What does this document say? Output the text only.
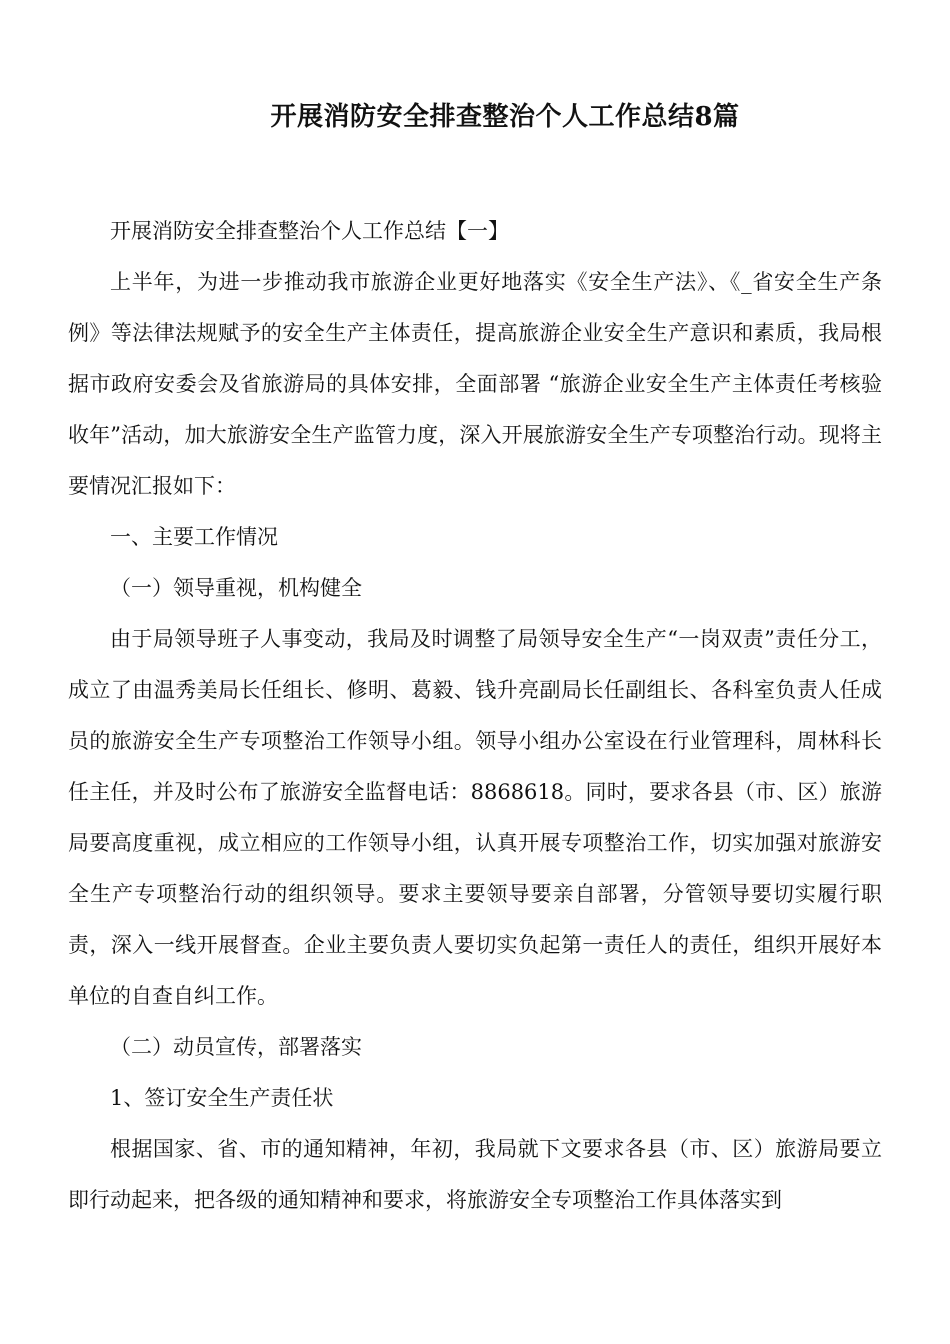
开展消防安全排查整治个人工作总结8篇

开展消防安全排查整治个人工作总结【一】

上半年，为进一步推动我市旅游企业更好地落实《安全生产法》、《_省安全生产条例》等法律法规赋予的安全生产主体责任，提高旅游企业安全生产意识和素质，我局根据市政府安委会及省旅游局的具体安排，全面部署 “旅游企业安全生产主体责任考核验收年”活动，加大旅游安全生产监管力度，深入开展旅游安全生产专项整治行动。现将主要情况汇报如下：

一、主要工作情况

（一）领导重视，机构健全

由于局领导班子人事变动，我局及时调整了局领导安全生产“一岗双责”责任分工，成立了由温秀美局长任组长、修明、葛毅、钱升亮副局长任副组长、各科室负责人任成员的旅游安全生产专项整治工作领导小组。领导小组办公室设在行业管理科，周林科长任主任，并及时公布了旅游安全监督电话：8868618。同时，要求各县（市、区）旅游局要高度重视，成立相应的工作领导小组，认真开展专项整治工作，切实加强对旅游安全生产专项整治行动的组织领导。要求主要领导要亲自部署，分管领导要切实履行职责，深入一线开展督查。企业主要负责人要切实负起第一责任人的责任，组织开展好本单位的自查自纠工作。

（二）动员宣传，部署落实

1、签订安全生产责任状

根据国家、省、市的通知精神，年初，我局就下文要求各县（市、区）旅游局要立即行动起来，把各级的通知精神和要求，将旅游安全专项整治工作具体落实到
